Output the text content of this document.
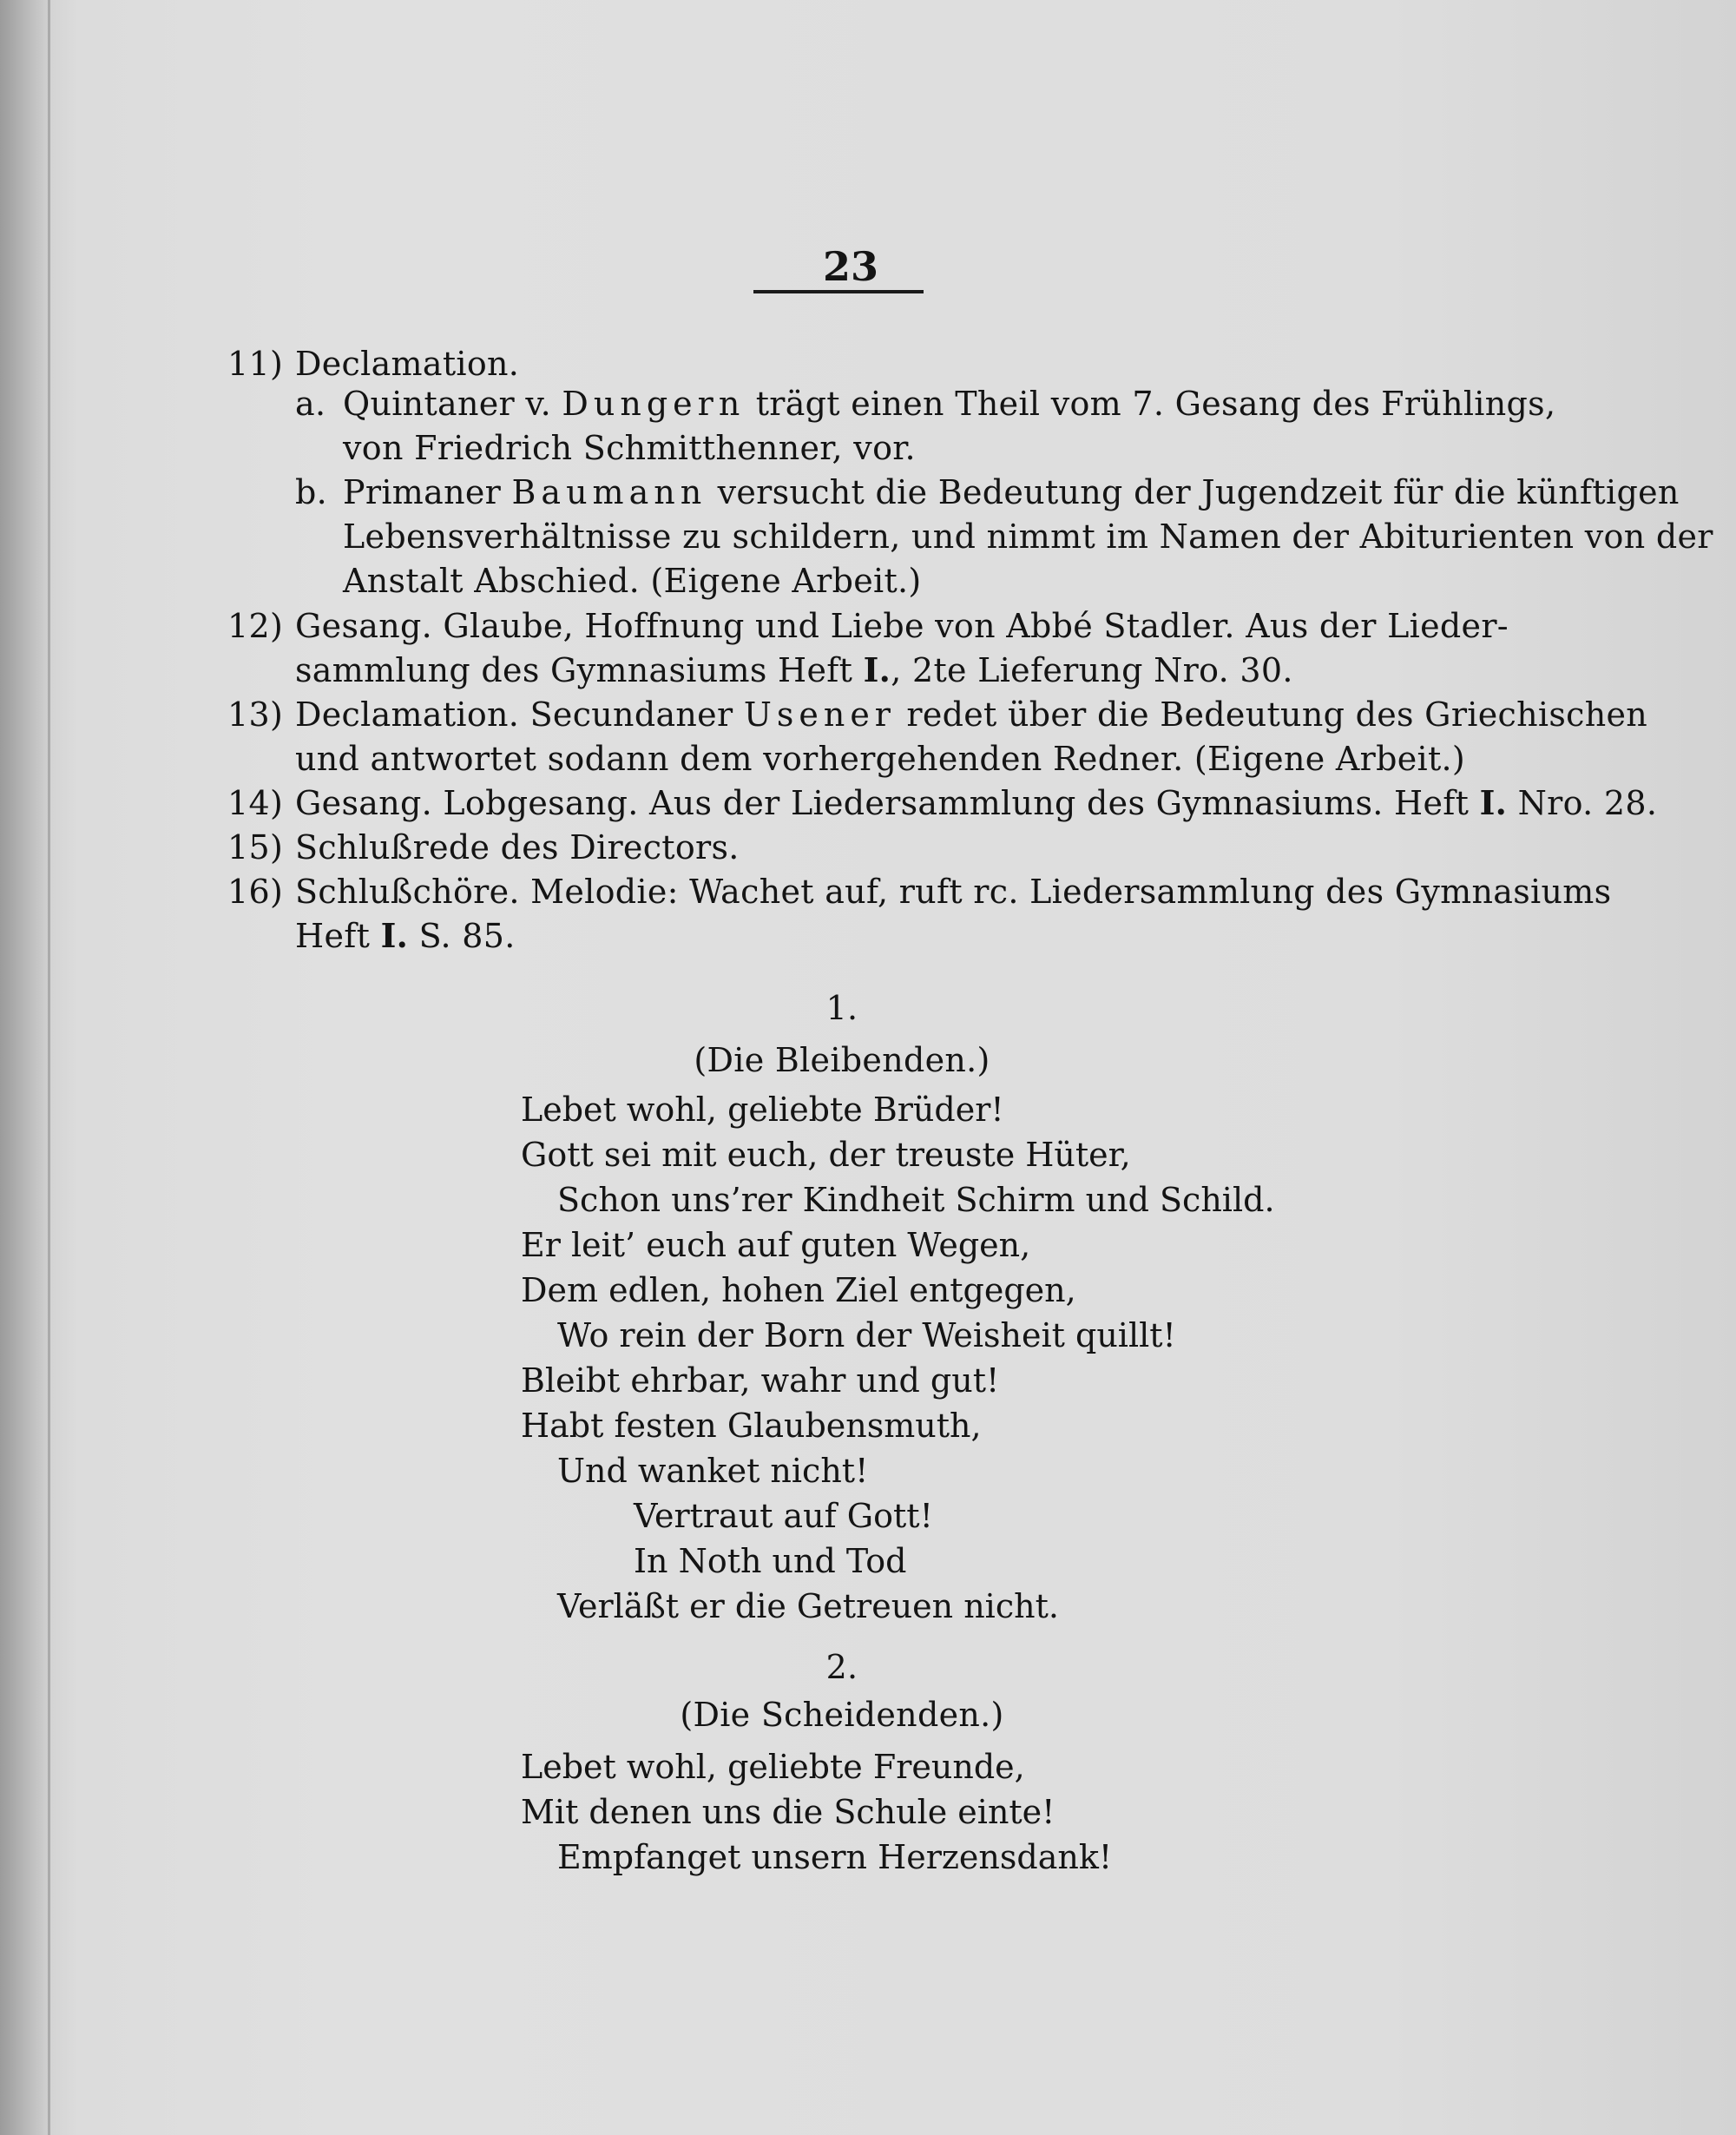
23
11) Declamation.
a. Quintaner v. Dungern trägt einen Theil vom 7. Gesang des Frühlings,
von Friedrich Schmitthenner, vor.
b. Primaner Baumann versucht die Bedeutung der Jugendzeit für die künftigen
Lebensverhältnisse zu schildern, und nimmt im Namen der Abiturienten von der
Anstalt Abschied. (Eigene Arbeit.)
12) Gesang. Glaube, Hoffnung und Liebe von Abbé Stadler. Aus der Lieder-
sammlung des Gymnasiums Heft I., 2te Lieferung Nro. 30.
13) Declamation. Secundaner Usener redet über die Bedeutung des Griechischen
und antwortet sodann dem vorhergehenden Redner. (Eigene Arbeit.)
14) Gesang. Lobgesang. Aus der Liedersammlung des Gymnasiums. Heft I. Nro. 28.
15) Schlußrede des Directors.
16) Schlußchöre. Melodie: Wachet auf, ruft rc. Liedersammlung des Gymnasiums
Heft I. S. 85.
1.
(Die Bleibenden.)
Lebet wohl, geliebte Brüder!
Gott sei mit euch, der treuste Hüter,
Schon uns’rer Kindheit Schirm und Schild.
Er leit’ euch auf guten Wegen,
Dem edlen, hohen Ziel entgegen,
Wo rein der Born der Weisheit quillt!
Bleibt ehrbar, wahr und gut!
Habt festen Glaubensmuth,
Und wanket nicht!
Vertraut auf Gott!
In Noth und Tod
Verläßt er die Getreuen nicht.
2.
(Die Scheidenden.)
Lebet wohl, geliebte Freunde,
Mit denen uns die Schule einte!
Empfanget unsern Herzensdank!
